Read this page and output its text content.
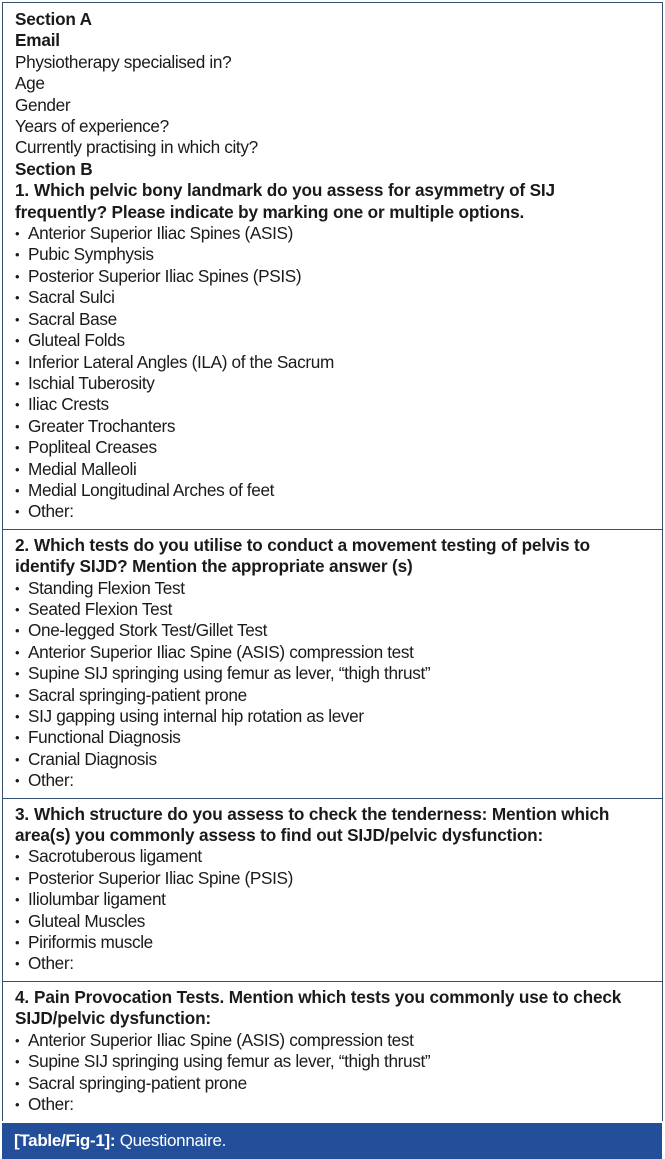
Section A
Email
Physiotherapy specialised in?
Age
Gender
Years of experience?
Currently practising in which city?
Section B
1. Which pelvic bony landmark do you assess for asymmetry of SIJ
frequently? Please indicate by marking one or multiple options.
• Anterior Superior Iliac Spines (ASIS)
• Pubic Symphysis
• Posterior Superior Iliac Spines (PSIS)
• Sacral Sulci
• Sacral Base
• Gluteal Folds
• Inferior Lateral Angles (ILA) of the Sacrum
• Ischial Tuberosity
• Iliac Crests
• Greater Trochanters
• Popliteal Creases
• Medial Malleoli
• Medial Longitudinal Arches of feet
• Other:
2. Which tests do you utilise to conduct a movement testing of pelvis to
identify SIJD? Mention the appropriate answer (s)
• Standing Flexion Test
• Seated Flexion Test
• One-legged Stork Test/Gillet Test
• Anterior Superior Iliac Spine (ASIS) compression test
• Supine SIJ springing using femur as lever, “thigh thrust”
• Sacral springing-patient prone
• SIJ gapping using internal hip rotation as lever
• Functional Diagnosis
• Cranial Diagnosis
• Other:
3. Which structure do you assess to check the tenderness: Mention which
area(s) you commonly assess to find out SIJD/pelvic dysfunction:
• Sacrotuberous ligament
• Posterior Superior Iliac Spine (PSIS)
• Iliolumbar ligament
• Gluteal Muscles
• Piriformis muscle
• Other:
4. Pain Provocation Tests. Mention which tests you commonly use to check
SIJD/pelvic dysfunction:
• Anterior Superior Iliac Spine (ASIS) compression test
• Supine SIJ springing using femur as lever, “thigh thrust”
• Sacral springing-patient prone
• Other:
[Table/Fig-1]: Questionnaire.
